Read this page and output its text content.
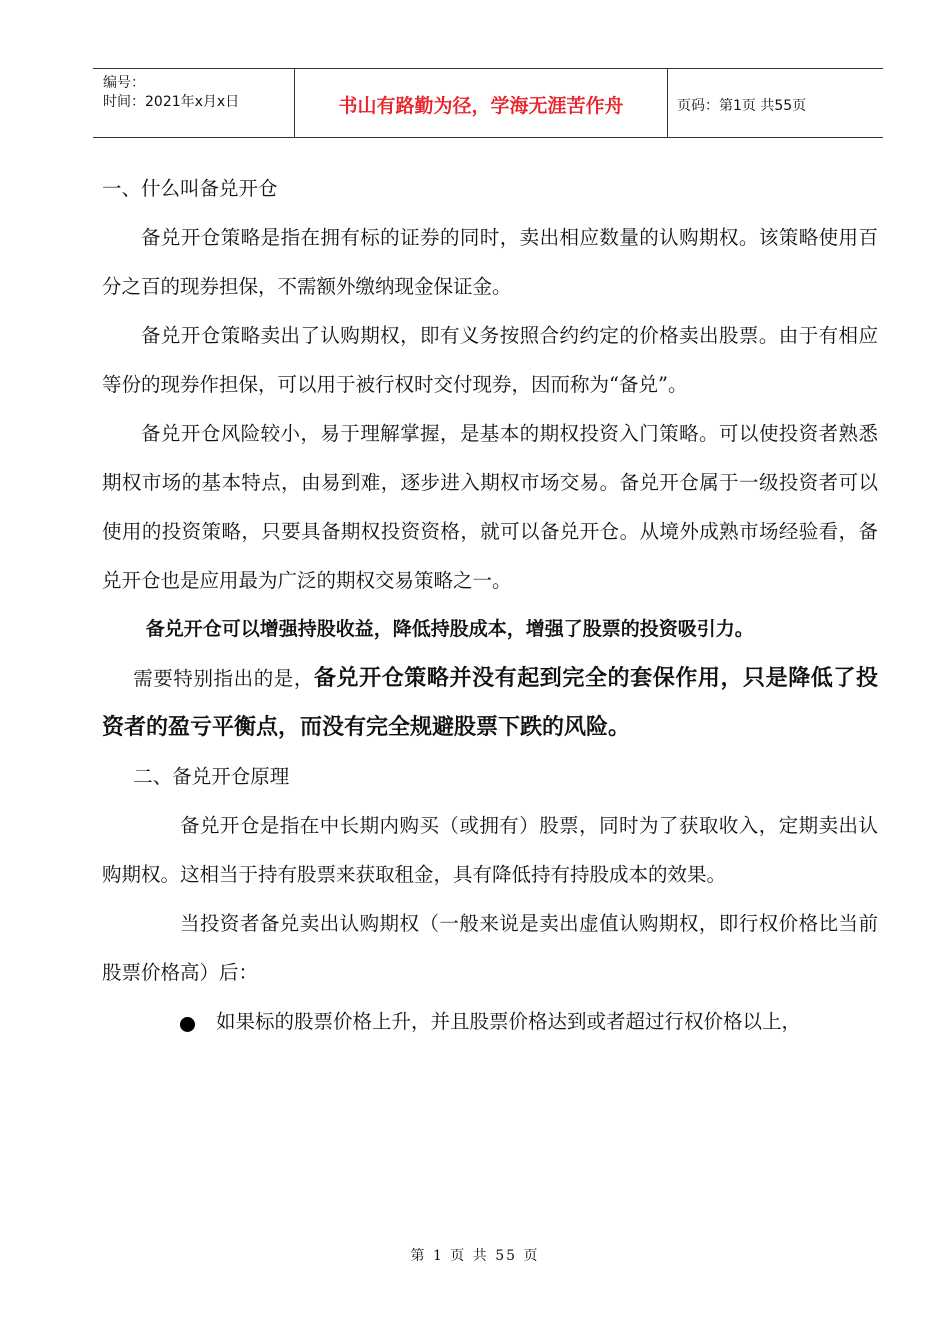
编号：
时间：2021年x月x日	书山有路勤为径，学海无涯苦作舟	页码：第1页 共55页

一、什么叫备兑开仓

备兑开仓策略是指在拥有标的证券的同时，卖出相应数量的认购期权。该策略使用百分之百的现券担保，不需额外缴纳现金保证金。

备兑开仓策略卖出了认购期权，即有义务按照合约约定的价格卖出股票。由于有相应等份的现券作担保，可以用于被行权时交付现券，因而称为“备兑”。

备兑开仓风险较小，易于理解掌握，是基本的期权投资入门策略。可以使投资者熟悉期权市场的基本特点，由易到难，逐步进入期权市场交易。备兑开仓属于一级投资者可以使用的投资策略，只要具备期权投资资格，就可以备兑开仓。从境外成熟市场经验看，备兑开仓也是应用最为广泛的期权交易策略之一。

备兑开仓可以增强持股收益，降低持股成本，增强了股票的投资吸引力。

需要特别指出的是，备兑开仓策略并没有起到完全的套保作用，只是降低了投资者的盈亏平衡点，而没有完全规避股票下跌的风险。

二、备兑开仓原理

备兑开仓是指在中长期内购买（或拥有）股票，同时为了获取收入，定期卖出认购期权。这相当于持有股票来获取租金，具有降低持有持股成本的效果。

当投资者备兑卖出认购期权（一般来说是卖出虚值认购期权，即行权价格比当前股票价格高）后：

如果标的股票价格上升，并且股票价格达到或者超过行权价格以上，
第 1 页 共 55 页
